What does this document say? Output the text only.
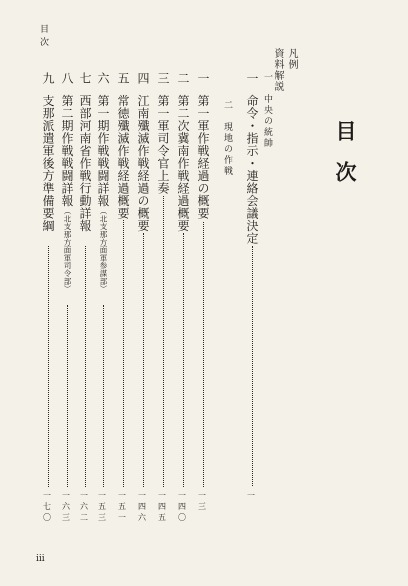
目　　次
目次
凡例
資料解説
一　中央の統帥
一命令・指示・連絡会議決定
一
二　現地の作戦
一第一軍作戦経過の概要
一三
二第二次冀南作戦経過概要
一四〇
三第一軍司令官上奏
一四五
四江南殲滅作戦経過の概要
一四六
五常徳殲滅作戦経過概要
一五一
六第一期作戦戦闘詳報（北支那方面軍参謀部）
一五三
七西部河南省作戦行動詳報
一六二
八第二期作戦戦闘詳報（北支那方面軍司令部）
一六三
九支那派遣軍後方準備要綱
一七〇
iii
